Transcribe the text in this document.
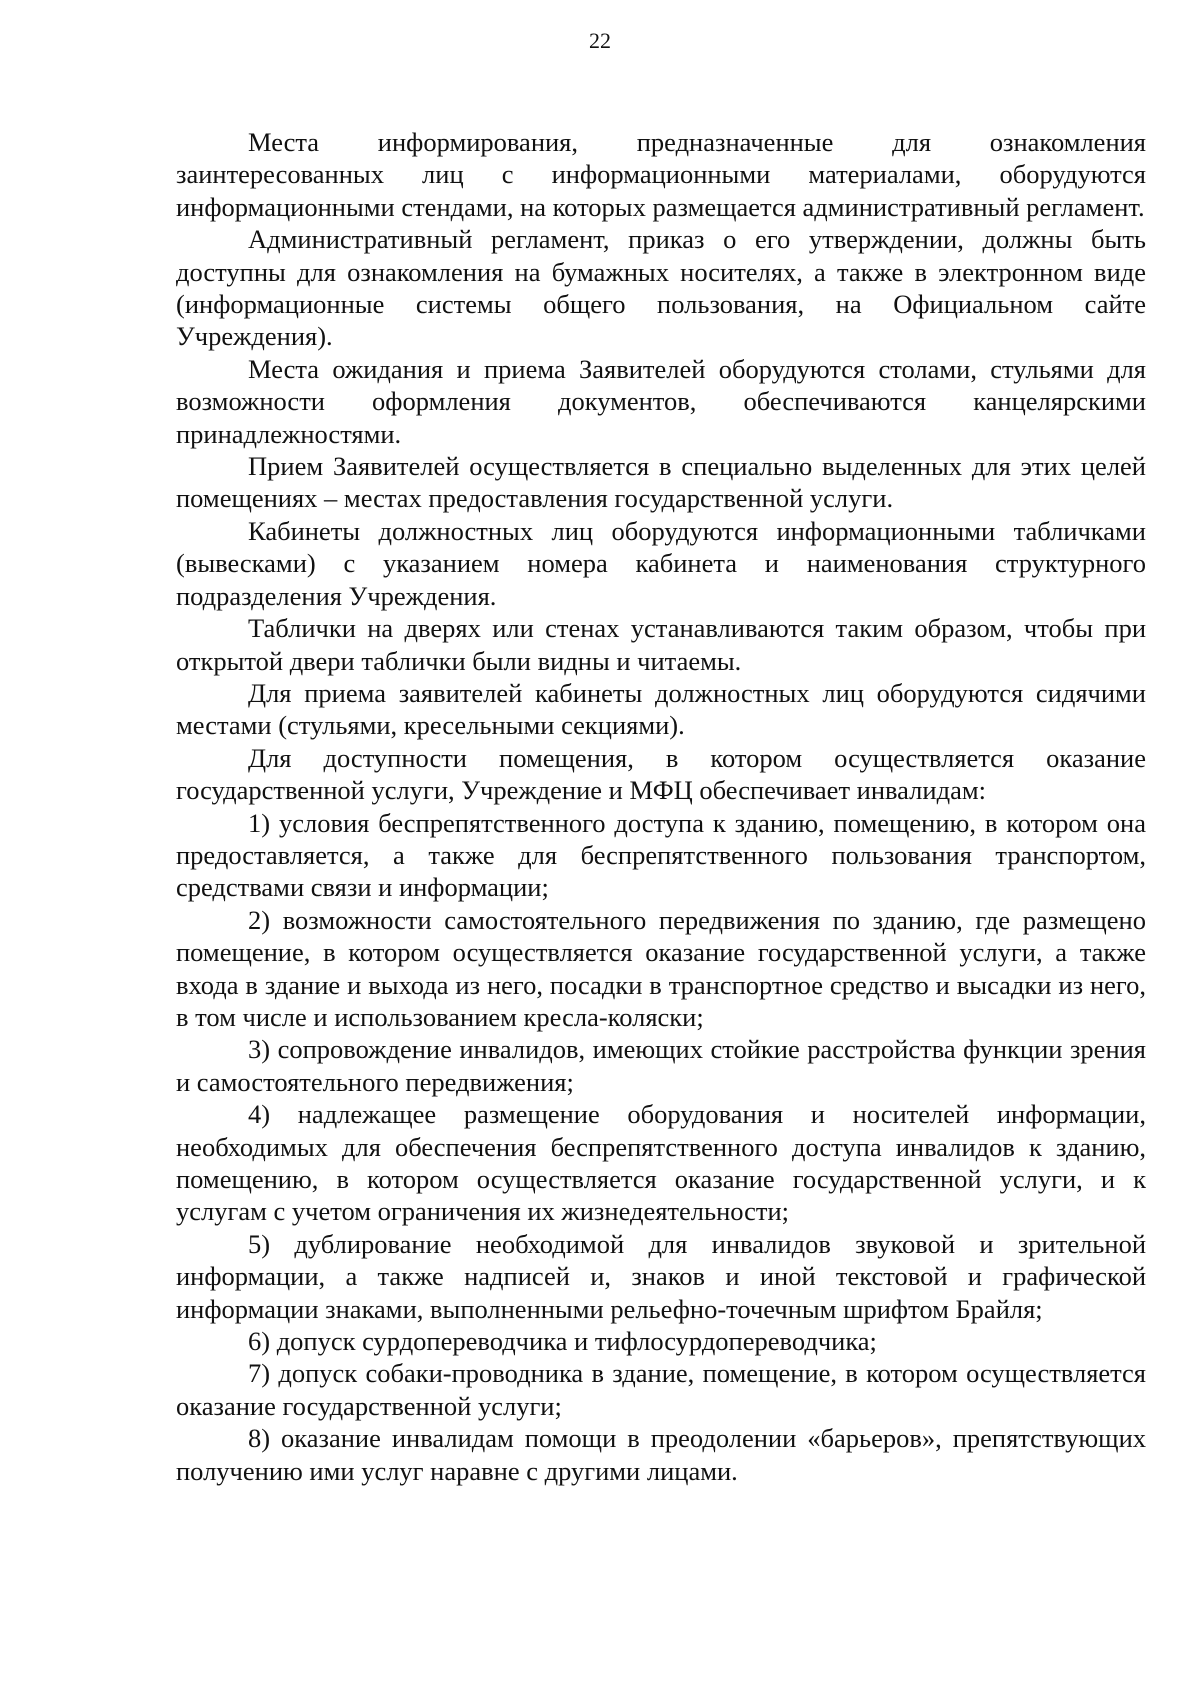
22

Места информирования, предназначенные для ознакомления заинтересованных лиц с информационными материалами, оборудуются информационными стендами, на которых размещается административный регламент.

Административный регламент, приказ о его утверждении, должны быть доступны для ознакомления на бумажных носителях, а также в электронном виде (информационные системы общего пользования, на Официальном сайте Учреждения).

Места ожидания и приема Заявителей оборудуются столами, стульями для возможности оформления документов, обеспечиваются канцелярскими принадлежностями.

Прием Заявителей осуществляется в специально выделенных для этих целей помещениях – местах предоставления государственной услуги.

Кабинеты должностных лиц оборудуются информационными табличками (вывесками) с указанием номера кабинета и наименования структурного подразделения Учреждения.

Таблички на дверях или стенах устанавливаются таким образом, чтобы при открытой двери таблички были видны и читаемы.

Для приема заявителей кабинеты должностных лиц оборудуются сидячими местами (стульями, кресельными секциями).

Для доступности помещения, в котором осуществляется оказание государственной услуги, Учреждение и МФЦ обеспечивает инвалидам:

1) условия беспрепятственного доступа к зданию, помещению, в котором она предоставляется, а также для беспрепятственного пользования транспортом, средствами связи и информации;

2) возможности самостоятельного передвижения по зданию, где размещено помещение, в котором осуществляется оказание государственной услуги, а также входа в здание и выхода из него, посадки в транспортное средство и высадки из него, в том числе и использованием кресла-коляски;

3) сопровождение инвалидов, имеющих стойкие расстройства функции зрения и самостоятельного передвижения;

4) надлежащее размещение оборудования и носителей информации, необходимых для обеспечения беспрепятственного доступа инвалидов к зданию, помещению, в котором осуществляется оказание государственной услуги, и к услугам с учетом ограничения их жизнедеятельности;

5) дублирование необходимой для инвалидов звуковой и зрительной информации, а также надписей и, знаков и иной текстовой и графической информации знаками, выполненными рельефно-точечным шрифтом Брайля;

6) допуск сурдопереводчика и тифлосурдопереводчика;

7) допуск собаки-проводника в здание, помещение, в котором осуществляется оказание государственной услуги;

8) оказание инвалидам помощи в преодолении «барьеров», препятствующих получению ими услуг наравне с другими лицами.
